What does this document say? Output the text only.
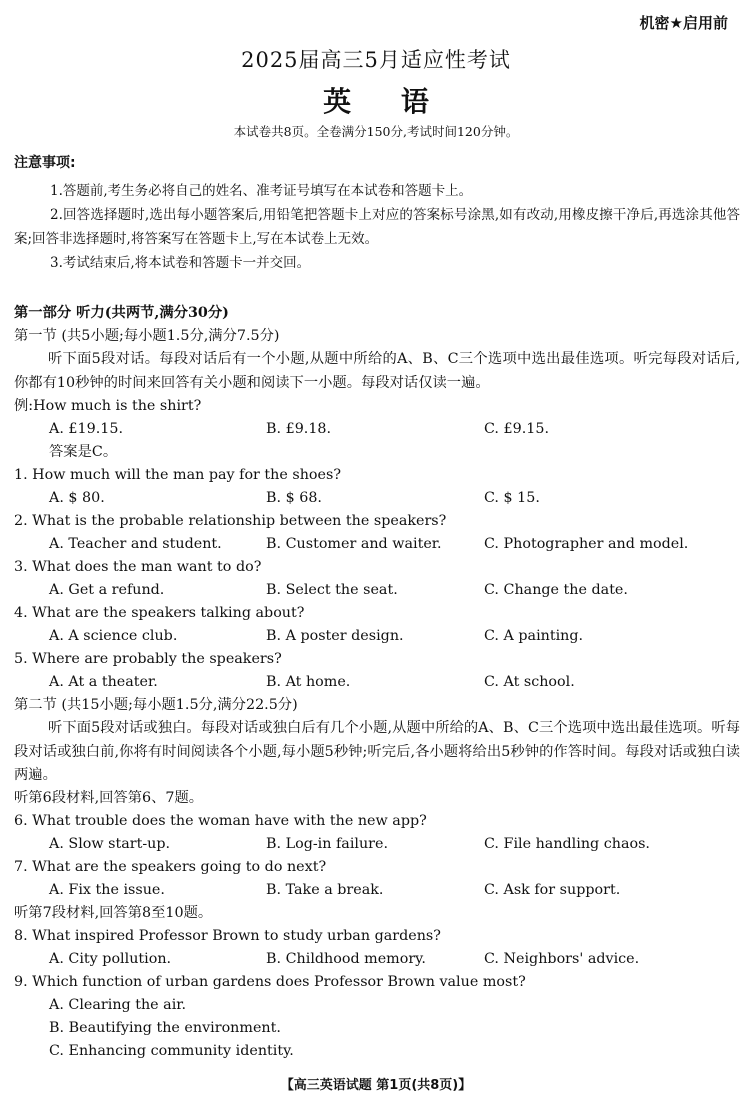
机密★启用前
2025届高三5月适应性考试
英 语
本试卷共8页。全卷满分150分,考试时间120分钟。
注意事项:
1.答题前,考生务必将自己的姓名、准考证号填写在本试卷和答题卡上。
2.回答选择题时,选出每小题答案后,用铅笔把答题卡上对应的答案标号涂黑,如有改动,用橡皮擦干净后,再选涂其他答案;回答非选择题时,将答案写在答题卡上,写在本试卷上无效。
3.考试结束后,将本试卷和答题卡一并交回。
第一部分 听力(共两节,满分30分)
第一节 (共5小题;每小题1.5分,满分7.5分)
听下面5段对话。每段对话后有一个小题,从题中所给的A、B、C三个选项中选出最佳选项。听完每段对话后,你都有10秒钟的时间来回答有关小题和阅读下一小题。每段对话仅读一遍。
例:How much is the shirt?
A. £19.15.	B. £9.18.	C. £9.15.
答案是C。
1. How much will the man pay for the shoes?
A. $ 80.	B. $ 68.	C. $ 15.
2. What is the probable relationship between the speakers?
A. Teacher and student.	B. Customer and waiter.	C. Photographer and model.
3. What does the man want to do?
A. Get a refund.	B. Select the seat.	C. Change the date.
4. What are the speakers talking about?
A. A science club.	B. A poster design.	C. A painting.
5. Where are probably the speakers?
A. At a theater.	B. At home.	C. At school.
第二节 (共15小题;每小题1.5分,满分22.5分)
听下面5段对话或独白。每段对话或独白后有几个小题,从题中所给的A、B、C三个选项中选出最佳选项。听每段对话或独白前,你将有时间阅读各个小题,每小题5秒钟;听完后,各小题将给出5秒钟的作答时间。每段对话或独白读两遍。
听第6段材料,回答第6、7题。
6. What trouble does the woman have with the new app?
A. Slow start-up.	B. Log-in failure.	C. File handling chaos.
7. What are the speakers going to do next?
A. Fix the issue.	B. Take a break.	C. Ask for support.
听第7段材料,回答第8至10题。
8. What inspired Professor Brown to study urban gardens?
A. City pollution.	B. Childhood memory.	C. Neighbors' advice.
9. Which function of urban gardens does Professor Brown value most?
A. Clearing the air.
B. Beautifying the environment.
C. Enhancing community identity.
【高三英语试题 第1页(共8页)】
